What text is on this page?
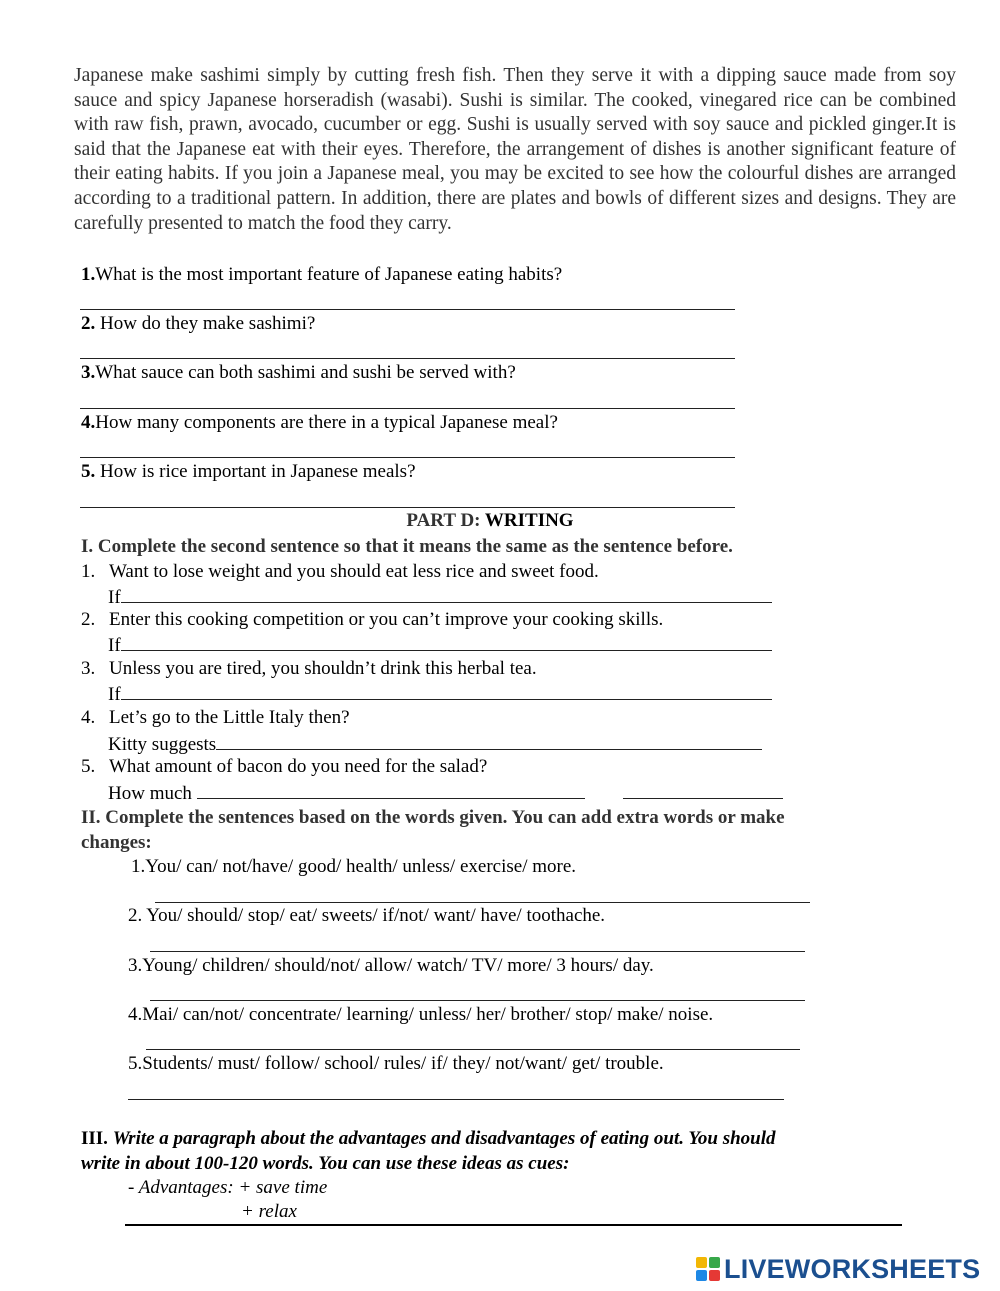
Japanese make sashimi simply by cutting fresh fish. Then they serve it with a dipping sauce made from soy sauce and spicy Japanese horseradish (wasabi). Sushi is similar. The cooked, vinegared rice can be combined with raw fish, prawn, avocado, cucumber or egg. Sushi is usually served with soy sauce and pickled ginger.It is said that the Japanese eat with their eyes. Therefore, the arrangement of dishes is another significant feature of their eating habits. If you join a Japanese meal, you may be excited to see how the colourful dishes are arranged according to a traditional pattern. In addition, there are plates and bowls of different sizes and designs. They are carefully presented to match the food they carry.

1.What is the most important feature of Japanese eating habits?
2. How do they make sashimi?
3.What sauce can both sashimi and sushi be served with?
4.How many components are there in a typical Japanese meal?
5. How is rice important in Japanese meals?
PART D: WRITING
I. Complete the second sentence so that it means the same as the sentence before.
1. Want to lose weight and you should eat less rice and sweet food.
If
2. Enter this cooking competition or you can’t improve your cooking skills.
If
3. Unless you are tired, you shouldn’t drink this herbal tea.
If
4. Let’s go to the Little Italy then?
Kitty suggests
5. What amount of bacon do you need for the salad?
How much
II. Complete the sentences based on the words given. You can add extra words or make
changes:
1.You/ can/ not/have/ good/ health/ unless/ exercise/ more.
2. You/ should/ stop/ eat/ sweets/ if/not/ want/ have/ toothache.
3.Young/ children/ should/not/ allow/ watch/ TV/ more/ 3 hours/ day.
4.Mai/ can/not/ concentrate/ learning/ unless/ her/ brother/ stop/ make/ noise.
5.Students/ must/ follow/ school/ rules/ if/ they/ not/want/ get/ trouble.
III. Write a paragraph about the advantages and disadvantages of eating out. You should
write in about 100-120 words. You can use these ideas as cues:
- Advantages: + save time
+ relax
LIVEWORKSHEETS
